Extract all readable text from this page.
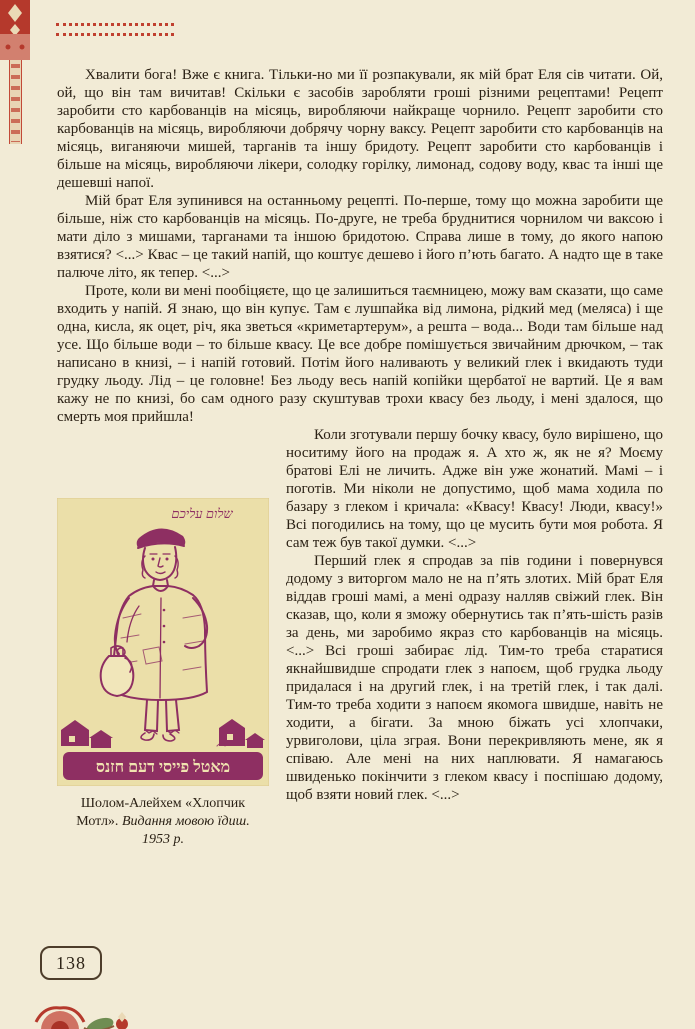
Хвалити бога! Вже є книга. Тільки-но ми її розпакували, як мій брат Еля сів читати. Ой, ой, що він там вичитав! Скільки є засобів заробляти гроші різними рецептами! Рецепт заробити сто карбованців на місяць, виробляючи найкраще чорнило. Рецепт заробити сто карбованців на місяць, виробляючи добрячу чорну ваксу. Рецепт заробити сто карбованців на місяць, виганяючи мишей, тарганів та іншу бридоту. Рецепт заробити сто карбованців і більше на місяць, виробляючи лікери, солодку горілку, лимонад, содову воду, квас та інші ще дешевші напої.

Мій брат Еля зупинився на останньому рецепті. По-перше, тому що можна заробити ще більше, ніж сто карбованців на місяць. По-друге, не треба бруднитися чорнилом чи ваксою і мати діло з мишами, тарганами та іншою бридотою. Справа лише в тому, до якого напою взятися? <...> Квас – це такий напій, що коштує дешево і його п’ють багато. А надто ще в таке палюче літо, як тепер. <...>

Проте, коли ви мені пообіцяєте, що це залишиться таємницею, можу вам сказати, що саме входить у напій. Я знаю, що він купує. Там є лушпайка від лимона, рідкий мед (меляса) і ще одна, кисла, як оцет, річ, яка зветься «криметартерум», а решта – вода... Води там більше над усе. Що більше води – то більше квасу. Це все добре помішується звичайним дрючком, – так написано в книзі, – і напій готовий. Потім його наливають у великий глек і вкидають туди грудку льоду. Лід – це головне! Без льоду весь напій копійки щербатої не вартий. Це я вам кажу не по книзі, бо сам одного разу скуштував трохи квасу без льоду, і мені здалося, що смерть моя прийшла!

שלום עליכם
מאטל פייסי דעם חזנס
Шолом-Алейхем «Хлопчик Мотл». Видання мовою їдиш. 1953 р.

Коли зготували першу бочку квасу, було вирішено, що носитиму його на продаж я. А хто ж, як не я? Моєму братові Елі не личить. Адже він уже жонатий. Мамі – і поготів. Ми ніколи не допустимо, щоб мама ходила по базару з глеком і кричала: «Квасу! Квасу! Люди, квасу!» Всі погодились на тому, що це мусить бути моя робота. Я сам теж був такої думки. <...>

Перший глек я спродав за пів години і повернувся додому з виторгом мало не на п’ять злотих. Мій брат Еля віддав гроші мамі, а мені одразу налляв свіжий глек. Він сказав, що, коли я зможу обернутись так п’ять-шість разів за день, ми заробимо якраз сто карбованців на місяць. <...> Всі гроші забирає лід. Тим-то треба старатися якнайшвидше спродати глек з напоєм, щоб грудка льоду придалася і на другий глек, і на третій глек, і так далі. Тим-то треба ходити з напоєм якомога швидше, навіть не ходити, а бігати. За мною біжать усі хлопчаки, урвиголови, ціла зграя. Вони перекривляють мене, як я співаю. Але мені на них наплювати. Я намагаюсь швиденько покінчити з глеком квасу і поспішаю додому, щоб взяти новий глек. <...>

138
